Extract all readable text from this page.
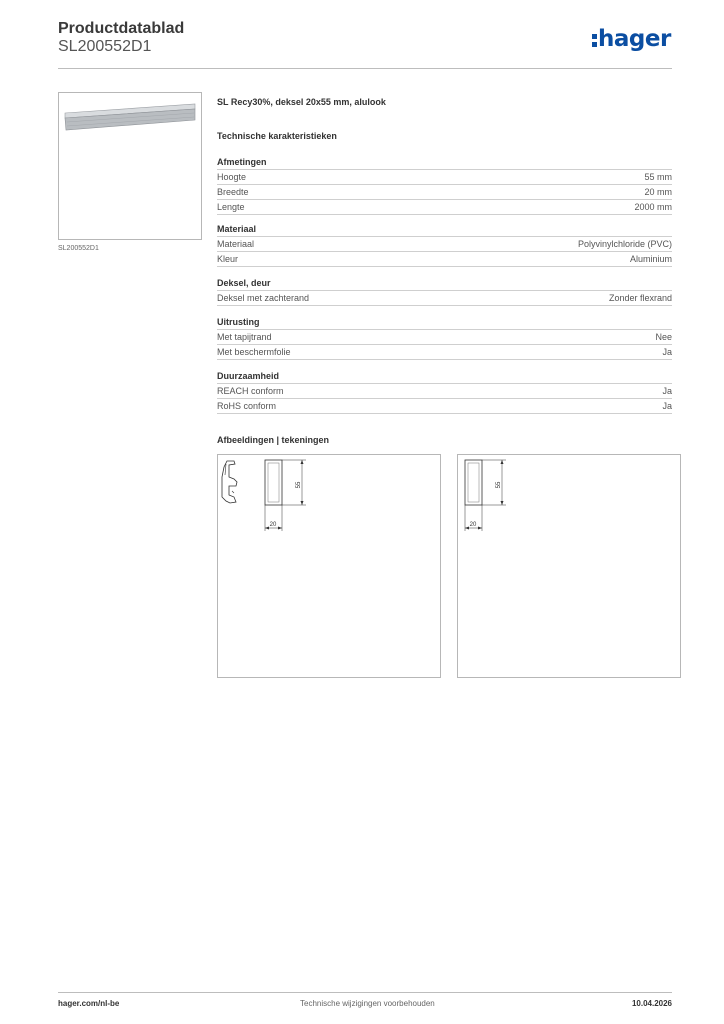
Productdatablad
SL200552D1	hager
SL200552D1
SL Recy30%, deksel 20x55 mm, alulook
Technische karakteristieken
Afmetingen
Hoogte	55 mm
Breedte	20 mm
Lengte	2000 mm
Materiaal
Materiaal	Polyvinylchloride (PVC)
Kleur	Aluminium
Deksel, deur
Deksel met zachterand	Zonder flexrand
Uitrusting
Met tapijtrand	Nee
Met beschermfolie	Ja
Duurzaamheid
REACH conform	Ja
RoHS conform	Ja
Afbeeldingen | tekeningen
55
20
55
20
hager.com/nl-be	Technische wijzigingen voorbehouden	10.04.2026
